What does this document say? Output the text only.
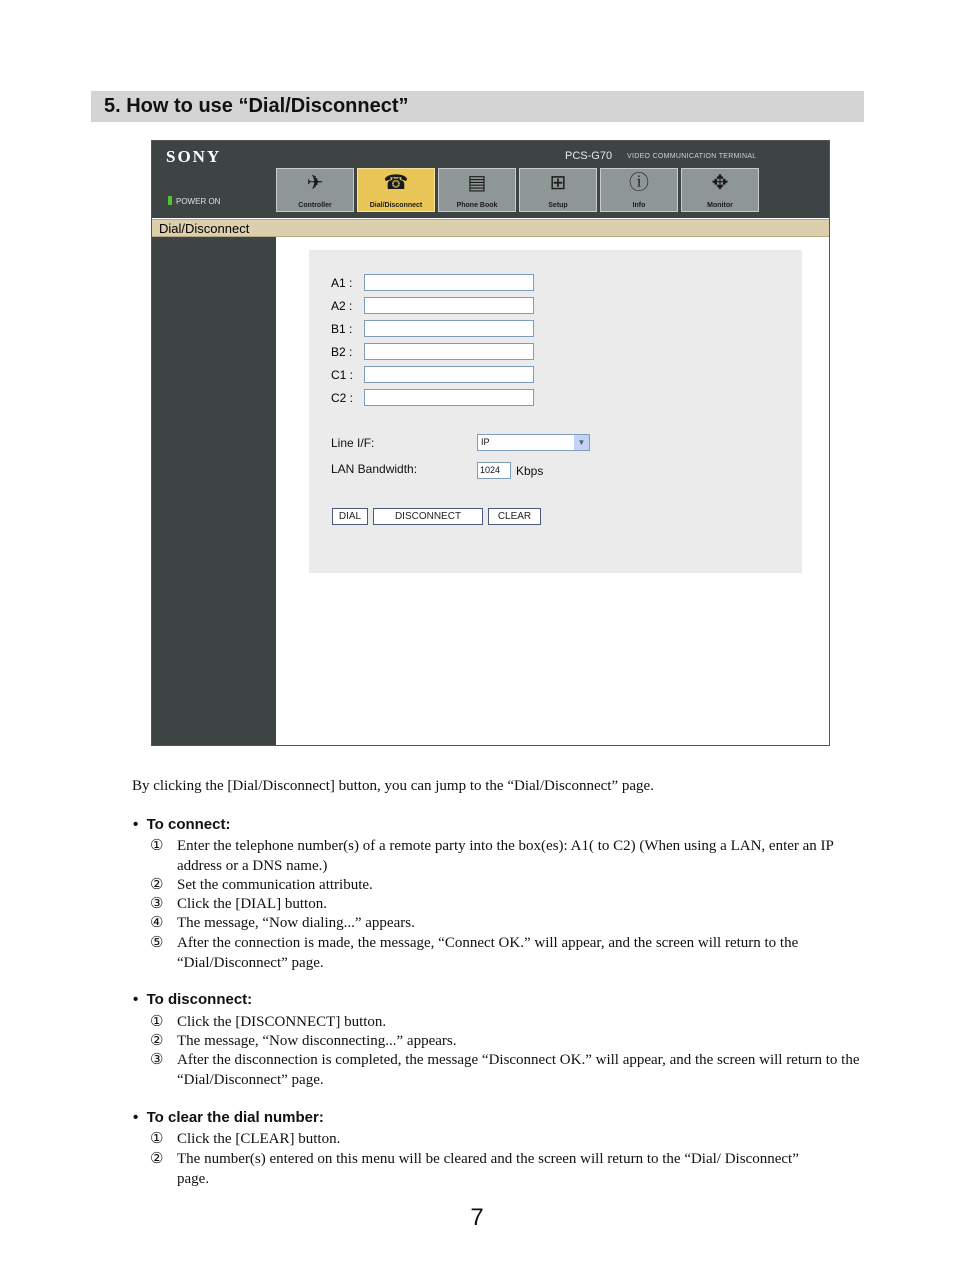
5. How to use “Dial/Disconnect”
SONY	PCS-G70 VIDEO COMMUNICATION TERMINAL
POWER ON
✈
Controller
☎
Dial/Disconnect
▤
Phone Book
⊞
Setup
ⓘ
Info
✥
Monitor
Dial/Disconnect
A1 :
A2 :
B1 :
B2 :
C1 :
C2 :
Line I/F:	IP	▼
LAN Bandwidth:	1024	Kbps
DIAL	DISCONNECT	CLEAR
By clicking the [Dial/Disconnect] button, you can jump to the “Dial/Disconnect” page.
•  To connect:
① Enter the telephone number(s) of a remote party into the box(es): A1( to C2) (When using a LAN, enter an IP address or a DNS name.)
② Set the communication attribute.
③ Click the [DIAL] button.
④ The message, “Now dialing...” appears.
⑤ After the connection is made, the message, “Connect OK.” will appear, and the screen will return to the “Dial/Disconnect” page.
•  To disconnect:
① Click the [DISCONNECT] button.
② The message, “Now disconnecting...” appears.
③ After the disconnection is completed, the message “Disconnect OK.” will appear, and the screen will return to the “Dial/Disconnect” page.
•  To clear the dial number:
① Click the [CLEAR] button.
② The number(s) entered on this menu will be cleared and the screen will return to the “Dial/ Disconnect” page.
7
